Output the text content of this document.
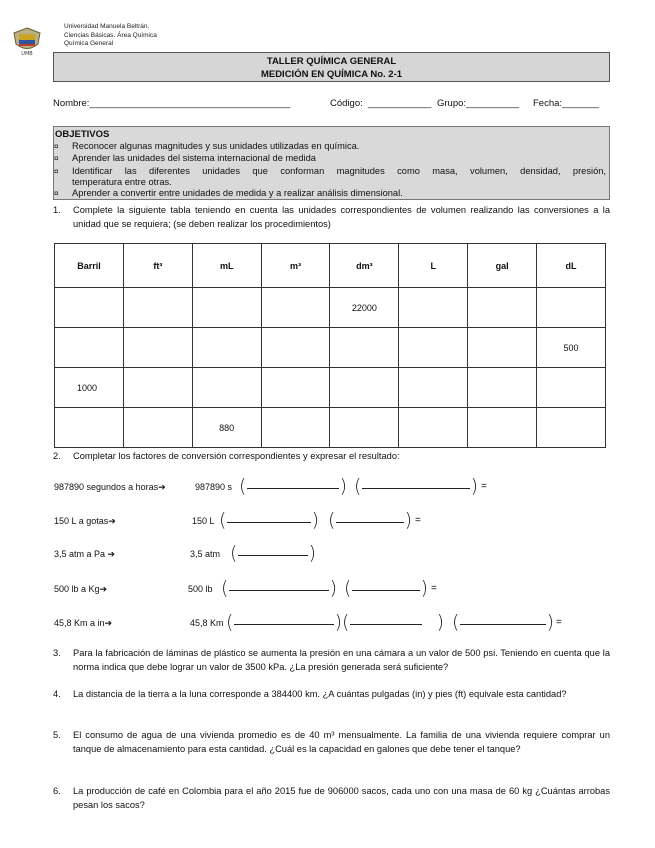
UMB
Universidad Manuela Beltrán.
Ciencias Básicas. Área Química
Química General
TALLER QUÍMICA GENERAL
MEDICIÓN EN QUÍMICA No. 2-1
Nombre:______________________________________	Código:  ____________ Grupo:__________ Fecha:_______
OBJETIVOS
¤ Reconocer algunas magnitudes y sus unidades utilizadas en química.
¤ Aprender las unidades del sistema internacional de medida
¤ Identificar las diferentes unidades que conforman magnitudes como masa, volumen, densidad, presión,
temperatura entre otras.
¤ Aprender a convertir entre unidades de medida y a realizar análisis dimensional.
1. Complete la siguiente tabla teniendo en cuenta las unidades correspondientes de volumen realizando las conversiones a la unidad que se requiera; (se deben realizar los procedimientos)
Barril	ft³	mL	m³	dm³	L	gal	dL
				22000			
							500
1000							
		880					
2. Completar los factores de conversión correspondientes y expresar el resultado:
987890 segundos a horas➔	987890 s (	) (	) =
150 L a gotas➔	150 L (	) (	) =
3,5 atm a Pa ➔	3,5 atm (	)
500 lb a Kg➔	500 lb (	) (	) =
45,8 Km a in➔	45,8 Km (	) (	) (	) =
3. Para la fabricación de láminas de plástico se aumenta la presión en una cámara a un valor de 500 psi. Teniendo en cuenta que la norma indica que debe lograr un valor de 3500 kPa. ¿La presión generada será suficiente?
4. La distancia de la tierra a la luna corresponde a 384400 km. ¿A cuántas pulgadas (in) y pies (ft) equivale esta cantidad?
5. El consumo de agua de una vivienda promedio es de 40 m³ mensualmente. La familia de una vivienda requiere comprar un tanque de almacenamiento para esta cantidad. ¿Cuál es la capacidad en galones que debe tener el tanque?
6. La producción de café en Colombia para el año 2015 fue de 906000 sacos, cada uno con una masa de 60 kg ¿Cuántas arrobas pesan los sacos?
